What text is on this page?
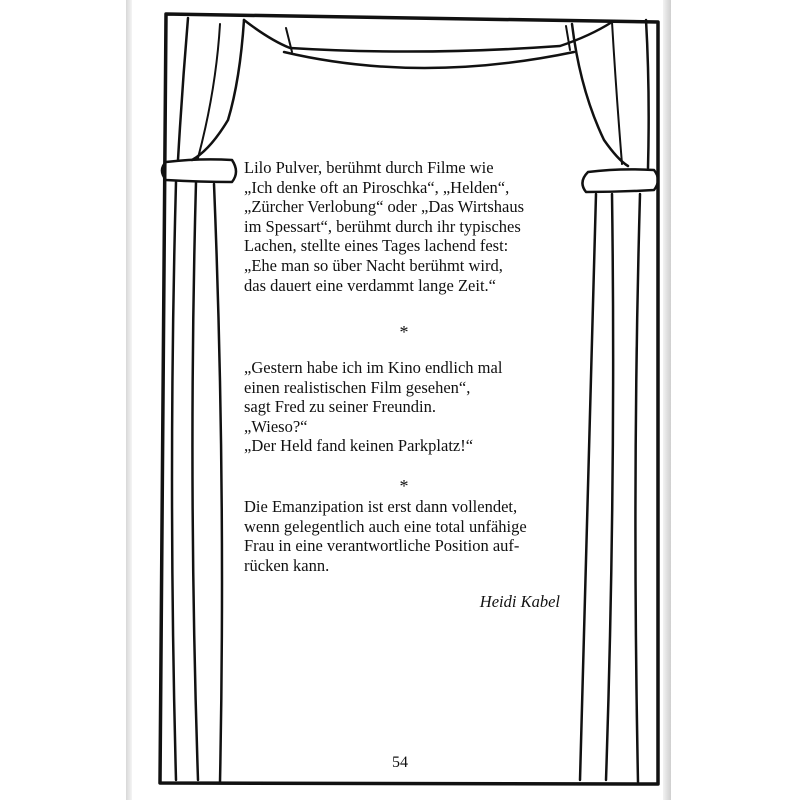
Lilo Pulver, berühmt durch Filme wie
„Ich denke oft an Piroschka“, „Helden“,
„Zürcher Verlobung“ oder „Das Wirtshaus
im Spessart“, berühmt durch ihr typisches
Lachen, stellte eines Tages lachend fest:
„Ehe man so über Nacht berühmt wird,
das dauert eine verdammt lange Zeit.“

*

„Gestern habe ich im Kino endlich mal
einen realistischen Film gesehen“,
sagt Fred zu seiner Freundin.
„Wieso?“
„Der Held fand keinen Parkplatz!“

*

Die Emanzipation ist erst dann vollendet,
wenn gelegentlich auch eine total unfähige
Frau in eine verantwortliche Position auf-
rücken kann.

Heidi Kabel
54
